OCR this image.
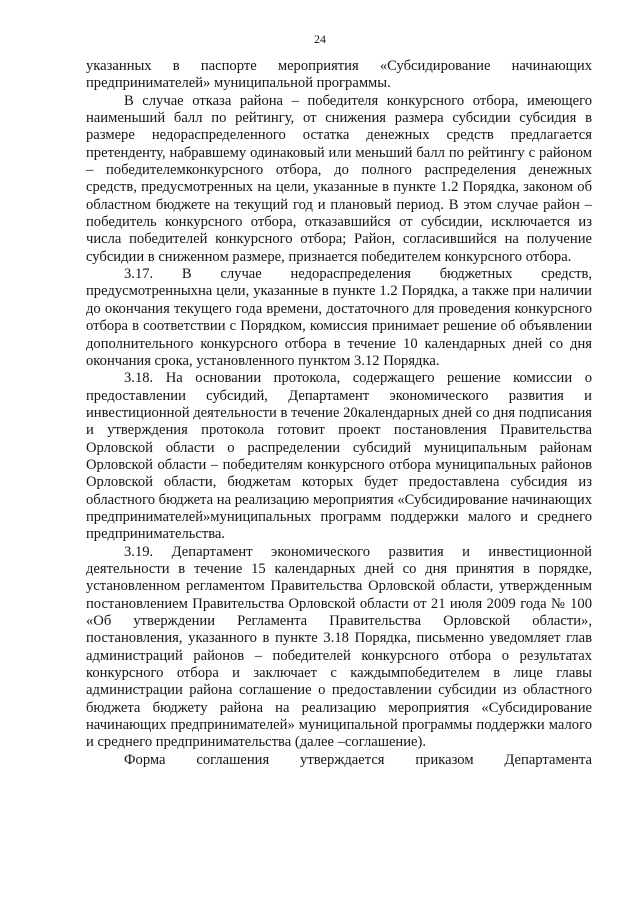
24

указанных в паспорте мероприятия «Субсидирование начинающих предпринимателей» муниципальной программы.

В случае отказа района – победителя конкурсного отбора, имеющего наименьший балл по рейтингу, от снижения размера субсидии субсидия в размере недораспределенного остатка денежных средств предлагается претенденту, набравшему одинаковый или меньший балл по рейтингу с районом – победителемконкурсного отбора, до полного распределения денежных средств, предусмотренных на цели, указанные в пункте 1.2 Порядка, законом об областном бюджете на текущий год и плановый период. В этом случае район –победитель конкурсного отбора, отказавшийся от субсидии, исключается из числа победителей конкурсного отбора; Район, согласившийся на получение субсидии в сниженном размере, признается победителем конкурсного отбора.

3.17. В случае недораспределения бюджетных средств, предусмотренныхна цели, указанные в пункте 1.2 Порядка, а также при наличии до окончания текущего года времени, достаточного для проведения конкурсного отбора в соответствии с Порядком, комиссия принимает решение об объявлении дополнительного конкурсного отбора в течение 10 календарных дней со дня окончания срока, установленного пунктом 3.12 Порядка.

3.18. На основании протокола, содержащего решение комиссии о предоставлении субсидий, Департамент экономического развития и инвестиционной деятельности в течение 20календарных дней со дня подписания и утверждения протокола готовит проект постановления Правительства Орловской области о распределении субсидий муниципальным районам Орловской области – победителям конкурсного отбора муниципальных районов Орловской области, бюджетам которых будет предоставлена субсидия из областного бюджета на реализацию мероприятия «Субсидирование начинающих предпринимателей»муниципальных программ поддержки малого и среднего предпринимательства.

3.19. Департамент экономического развития и инвестиционной деятельности в течение 15 календарных дней со дня принятия в порядке, установленном регламентом Правительства Орловской области, утвержденным постановлением Правительства Орловской области от 21 июля 2009 года № 100 «Об утверждении Регламента Правительства Орловской области», постановления, указанного в пункте 3.18 Порядка, письменно уведомляет глав администраций районов – победителей конкурсного отбора о результатах конкурсного отбора и заключает с каждымпобедителем в лице главы администрации района соглашение о предоставлении субсидии из областного бюджета бюджету района на реализацию мероприятия «Субсидирование начинающих предпринимателей» муниципальной программы поддержки малого и среднего предпринимательства (далее –соглашение).

Форма соглашения утверждается приказом Департамента
